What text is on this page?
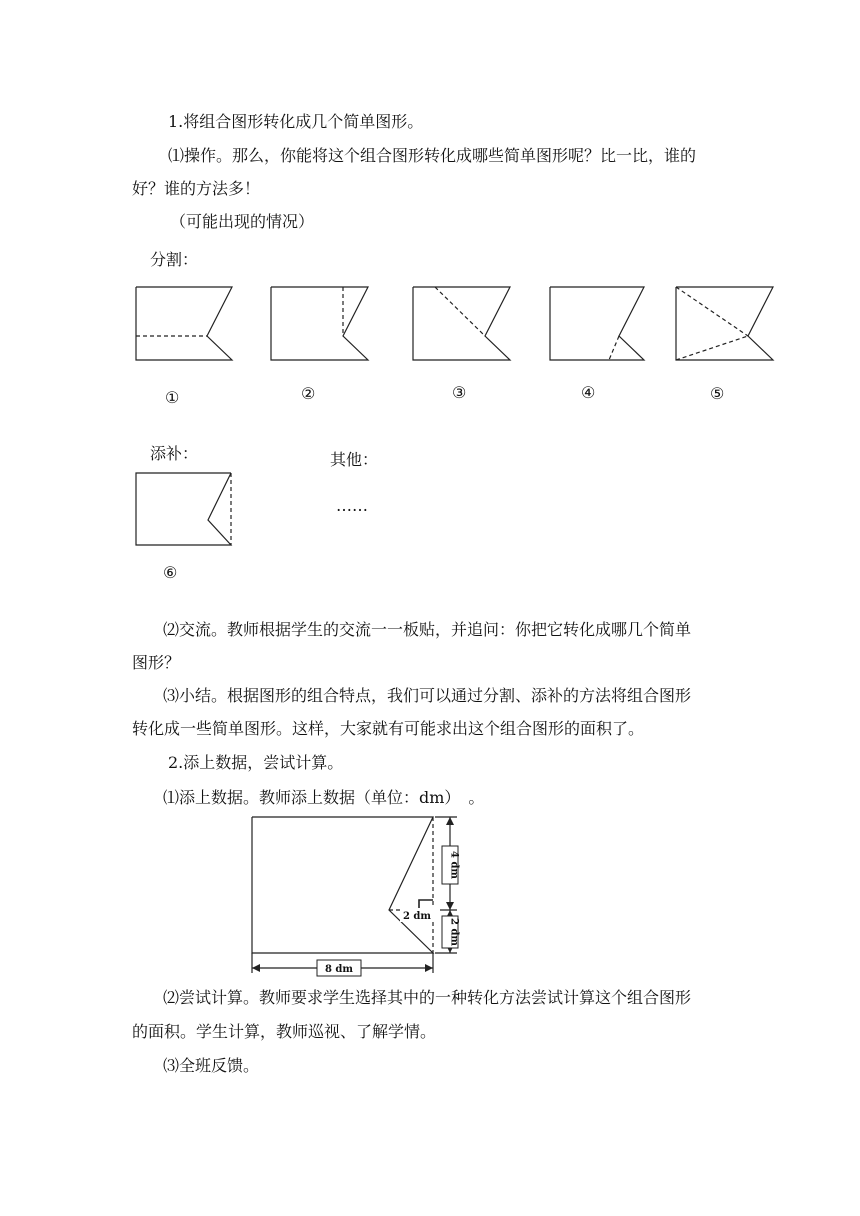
1.将组合图形转化成几个简单图形。
⑴操作。那么，你能将这个组合图形转化成哪些简单图形呢？比一比，谁的
好？谁的方法多！
（可能出现的情况）
分割：
①	②	③	④	⑤
添补：	其他：
……
⑥
⑵交流。教师根据学生的交流一一板贴，并追问：你把它转化成哪几个简单
图形？
⑶小结。根据图形的组合特点，我们可以通过分割、添补的方法将组合图形
转化成一些简单图形。这样，大家就有可能求出这个组合图形的面积了。
2.添上数据，尝试计算。
⑴添上数据。教师添上数据（单位：dm）　。
4 dm
2 dm
2 dm
8 dm
⑵尝试计算。教师要求学生选择其中的一种转化方法尝试计算这个组合图形
的面积。学生计算，教师巡视、了解学情。
⑶全班反馈。
